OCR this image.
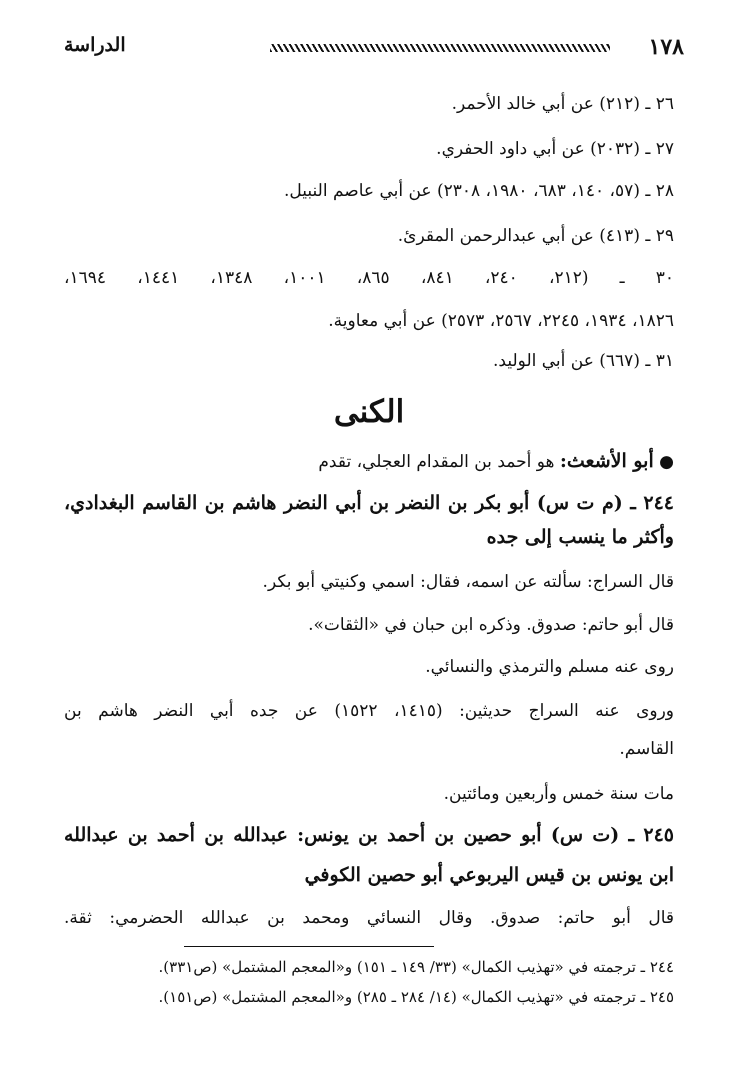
١٧٨
الدراسة
٢٦ ـ (٢١٢) عن أبي خالد الأحمر.
٢٧ ـ (٢٠٣٢) عن أبي داود الحفري.
٢٨ ـ (٥٧، ١٤٠، ٦٨٣، ١٩٨٠، ٢٣٠٨) عن أبي عاصم النبيل.
٢٩ ـ (٤١٣) عن أبي عبدالرحمن المقرئ.
٣٠ ـ (٢١٢، ٢٤٠، ٨٤١، ٨٦٥، ١٠٠١، ١٣٤٨، ١٤٤١، ١٦٩٤،
١٨٢٦، ١٩٣٤، ٢٢٤٥، ٢٥٦٧، ٢٥٧٣) عن أبي معاوية.
٣١ ـ (٦٦٧) عن أبي الوليد.
الكنى
● أبو الأشعث: هو أحمد بن المقدام العجلي، تقدم
٢٤٤ ـ (م ت س) أبو بكر بن النضر بن أبي النضر هاشم بن القاسم البغدادي،
وأكثر ما ينسب إلى جده
قال السراج: سألته عن اسمه، فقال: اسمي وكنيتي أبو بكر.
قال أبو حاتم: صدوق. وذكره ابن حبان في «الثقات».
روى عنه مسلم والترمذي والنسائي.
وروى عنه السراج حديثين: (١٤١٥، ١٥٢٢) عن جده أبي النضر هاشم بن
القاسم.
مات سنة خمس وأربعين ومائتين.
٢٤٥ ـ (ت س) أبو حصين بن أحمد بن يونس: عبدالله بن أحمد بن عبدالله
ابن يونس بن قيس اليربوعي أبو حصين الكوفي
قال أبو حاتم: صدوق. وقال النسائي ومحمد بن عبدالله الحضرمي: ثقة.
٢٤٤ ـ ترجمته في «تهذيب الكمال» (٣٣/ ١٤٩ ـ ١٥١) و«المعجم المشتمل» (ص٣٣١).
٢٤٥ ـ ترجمته في «تهذيب الكمال» (١٤/ ٢٨٤ ـ ٢٨٥) و«المعجم المشتمل» (ص١٥١).
